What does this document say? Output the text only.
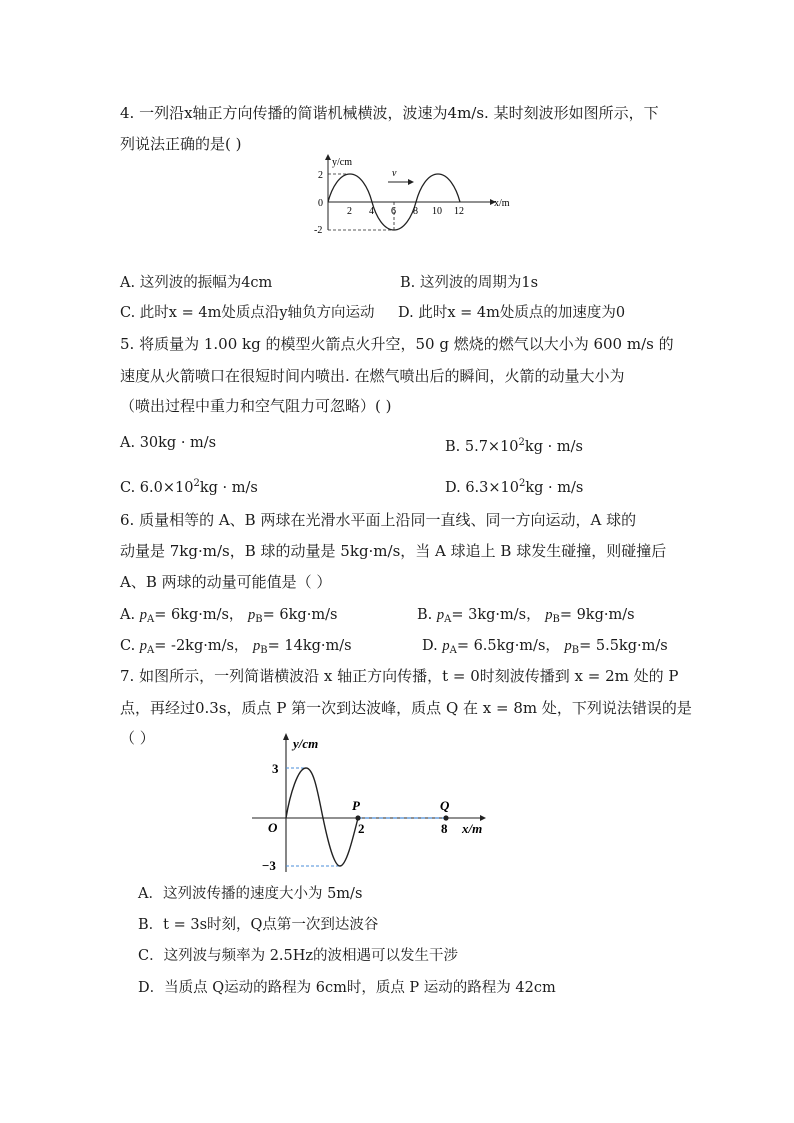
4. 一列沿x轴正方向传播的简谐机械横波，波速为4m/s. 某时刻波形如图所示，下
列说法正确的是( )
v
y/cm
x/m
0
2
-2
2 4 6 8 10 12
A. 这列波的振幅为4cm	B. 这列波的周期为1s
C. 此时x = 4m处质点沿y轴负方向运动 D. 此时x = 4m处质点的加速度为0
5. 将质量为 1.00 kg 的模型火箭点火升空，50 g 燃烧的燃气以大小为 600 m/s 的
速度从火箭喷口在很短时间内喷出. 在燃气喷出后的瞬间，火箭的动量大小为
（喷出过程中重力和空气阻力可忽略）( )
A. 30kg · m/s	B. $5.7\times 10^2kg \cdot m/s$
C. $6.0\times 10^2kg \cdot m/s$	D. $6.3\times 10^2kg \cdot m/s$
6. 质量相等的 A、B 两球在光滑水平面上沿同一直线、同一方向运动，A 球的
动量是 7kg·m/s，B 球的动量是 5kg·m/s，当 A 球追上 B 球发生碰撞，则碰撞后
A、B 两球的动量可能值是（ ）
A. $p_A= 6kg\cdot m/s$， $p_B= 6kg\cdot m/s$	B. $p_A= 3kg\cdot m/s$， $p_B= 9kg\cdot m/s$
C. $p_A= -2kg\cdot m/s$， $p_B= 14kg\cdot m/s$	D. $p_A= 6.5kg\cdot m/s$， $p_B= 5.5kg\cdot m/s$
7. 如图所示，一列简谐横波沿 x 轴正方向传播，t = 0时刻波传播到 x = 2m 处的 P
点，再经过0.3s，质点 P 第一次到达波峰，质点 Q 在 x = 8m 处，下列说法错误的是
（ ）	y/cm
x/m
O
3
−3
P
2
Q
8
A．这列波传播的速度大小为 5m/s
B．t = 3s时刻，Q点第一次到达波谷
C．这列波与频率为 2.5Hz的波相遇可以发生干涉
D．当质点 Q运动的路程为 6cm时，质点 P 运动的路程为 42cm
